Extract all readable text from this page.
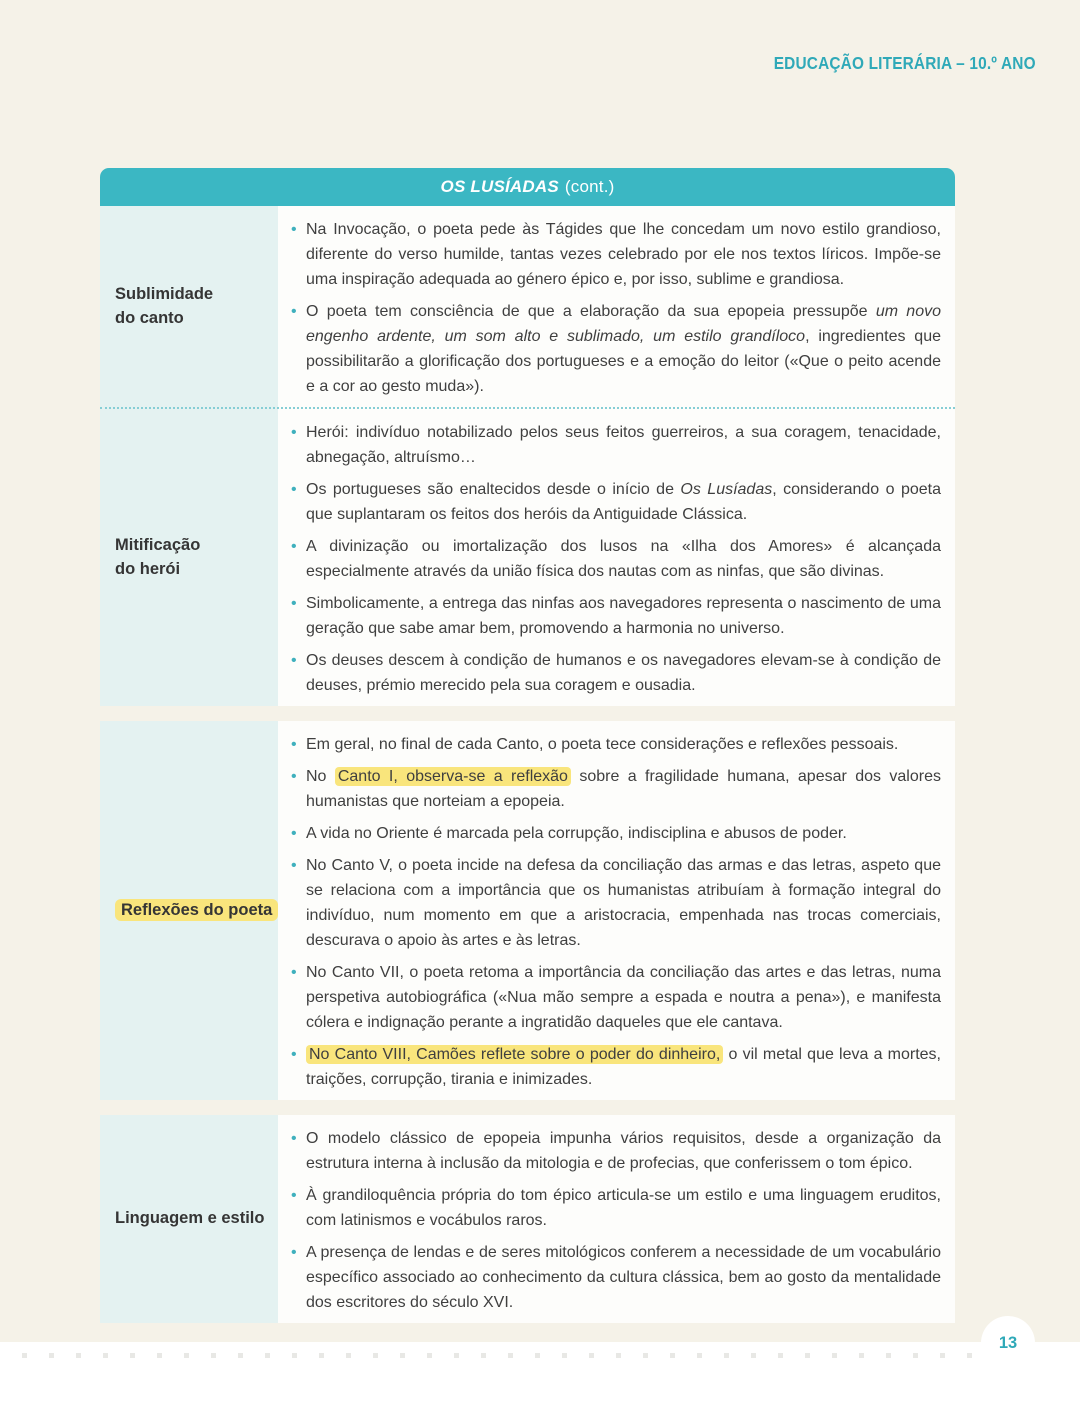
EDUCAÇÃO LITERÁRIA – 10.º ANO
OS LUSÍADAS (cont.)
Sublimidade
do canto
• Na Invocação, o poeta pede às Tágides que lhe concedam um novo estilo grandioso, diferente do verso humilde, tantas vezes celebrado por ele nos textos líricos. Impõe-se uma inspiração adequada ao género épico e, por isso, sublime e grandiosa.
• O poeta tem consciência de que a elaboração da sua epopeia pressupõe um novo engenho ardente, um som alto e sublimado, um estilo grandíloco, ingredientes que possibilitarão a glorificação dos portugueses e a emoção do leitor («Que o peito acende e a cor ao gesto muda»).
Mitificação
do herói
• Herói: indivíduo notabilizado pelos seus feitos guerreiros, a sua coragem, tenacidade, abnegação, altruísmo…
• Os portugueses são enaltecidos desde o início de Os Lusíadas, considerando o poeta que suplantaram os feitos dos heróis da Antiguidade Clássica.
• A divinização ou imortalização dos lusos na «Ilha dos Amores» é alcançada especialmente através da união física dos nautas com as ninfas, que são divinas.
• Simbolicamente, a entrega das ninfas aos navegadores representa o nascimento de uma geração que sabe amar bem, promovendo a harmonia no universo.
• Os deuses descem à condição de humanos e os navegadores elevam-se à condição de deuses, prémio merecido pela sua coragem e ousadia.
Reflexões do poeta
• Em geral, no final de cada Canto, o poeta tece considerações e reflexões pessoais.
• No Canto I, observa-se a reflexão sobre a fragilidade humana, apesar dos valores humanistas que norteiam a epopeia.
• A vida no Oriente é marcada pela corrupção, indisciplina e abusos de poder.
• No Canto V, o poeta incide na defesa da conciliação das armas e das letras, aspeto que se relaciona com a importância que os humanistas atribuíam à formação integral do indivíduo, num momento em que a aristocracia, empenhada nas trocas comerciais, descurava o apoio às artes e às letras.
• No Canto VII, o poeta retoma a importância da conciliação das artes e das letras, numa perspetiva autobiográfica («Nua mão sempre a espada e noutra a pena»), e manifesta cólera e indignação perante a ingratidão daqueles que ele cantava.
• No Canto VIII, Camões reflete sobre o poder do dinheiro, o vil metal que leva a mortes, traições, corrupção, tirania e inimizades.
Linguagem e estilo
• O modelo clássico de epopeia impunha vários requisitos, desde a organização da estrutura interna à inclusão da mitologia e de profecias, que conferissem o tom épico.
• À grandiloquência própria do tom épico articula-se um estilo e uma linguagem eruditos, com latinismos e vocábulos raros.
• A presença de lendas e de seres mitológicos conferem a necessidade de um vocabulário específico associado ao conhecimento da cultura clássica, bem ao gosto da mentalidade dos escritores do século XVI.
13
